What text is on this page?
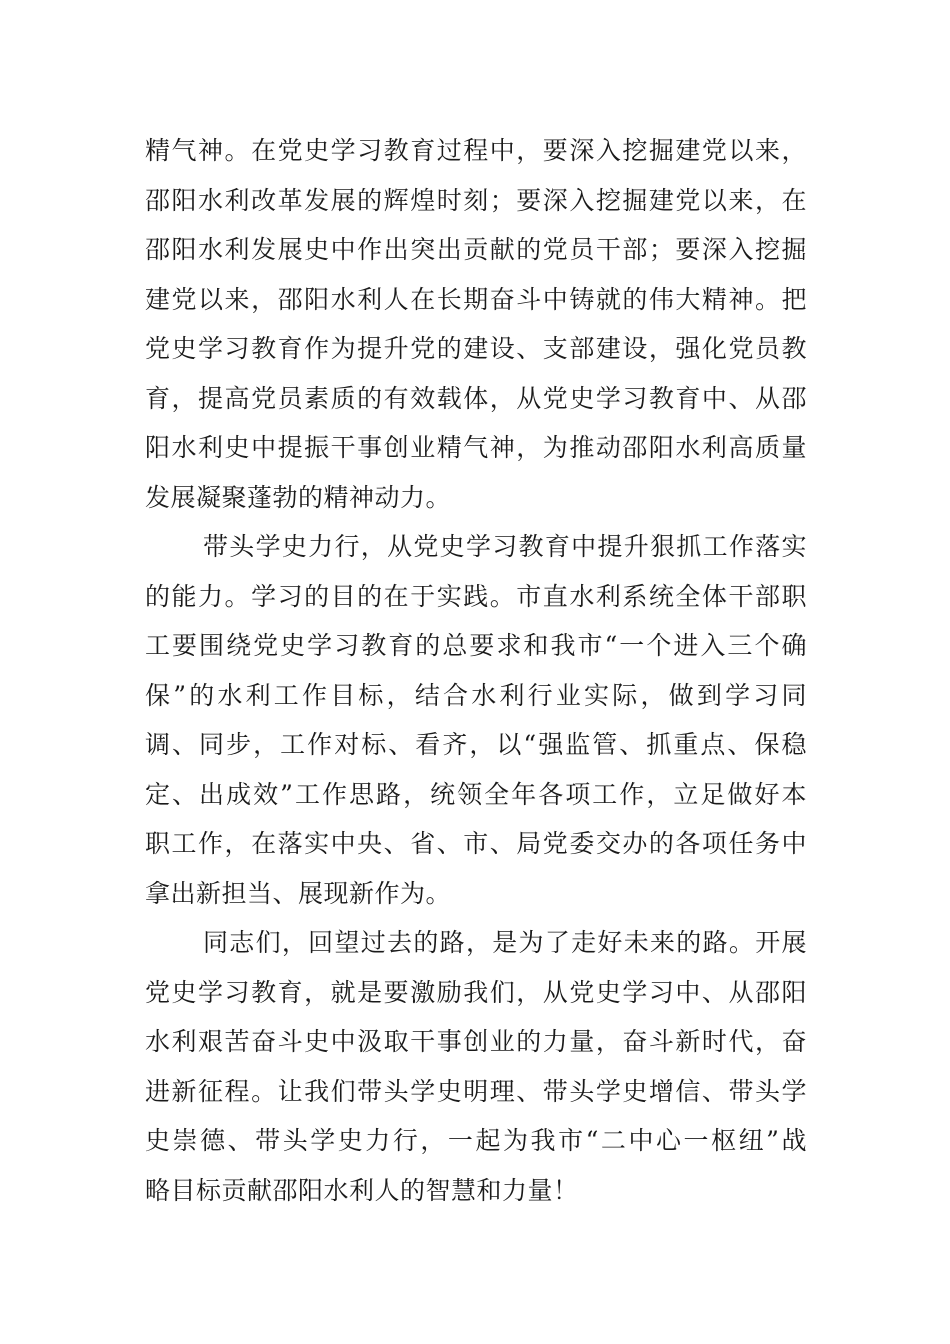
精气神。在党史学习教育过程中，要深入挖掘建党以来，
邵阳水利改革发展的辉煌时刻；要深入挖掘建党以来，在
邵阳水利发展史中作出突出贡献的党员干部；要深入挖掘
建党以来，邵阳水利人在长期奋斗中铸就的伟大精神。把
党史学习教育作为提升党的建设、支部建设，强化党员教
育，提高党员素质的有效载体，从党史学习教育中、从邵
阳水利史中提振干事创业精气神，为推动邵阳水利高质量
发展凝聚蓬勃的精神动力。
带头学史力行，从党史学习教育中提升狠抓工作落实
的能力。学习的目的在于实践。市直水利系统全体干部职
工要围绕党史学习教育的总要求和我市“一个进入三个确
保”的水利工作目标，结合水利行业实际，做到学习同
调、同步，工作对标、看齐，以“强监管、抓重点、保稳
定、出成效”工作思路，统领全年各项工作，立足做好本
职工作，在落实中央、省、市、局党委交办的各项任务中
拿出新担当、展现新作为。
同志们，回望过去的路，是为了走好未来的路。开展
党史学习教育，就是要激励我们，从党史学习中、从邵阳
水利艰苦奋斗史中汲取干事创业的力量，奋斗新时代，奋
进新征程。让我们带头学史明理、带头学史增信、带头学
史崇德、带头学史力行，一起为我市“二中心一枢纽”战
略目标贡献邵阳水利人的智慧和力量！
